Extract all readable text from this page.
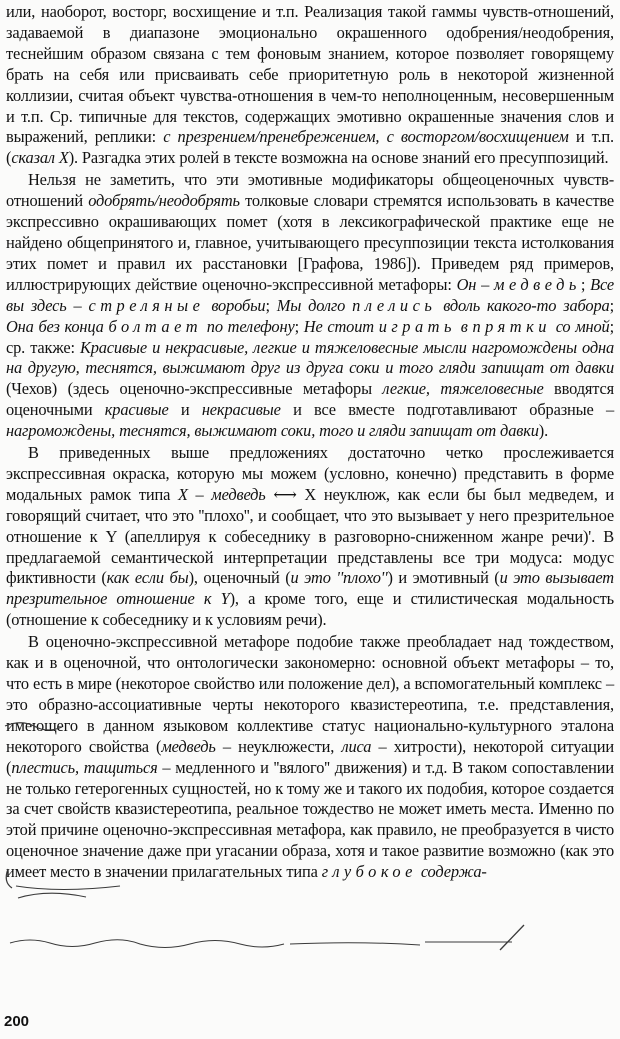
или, наоборот, восторг, восхищение и т.п. Реализация такой гаммы чувств-отношений, задаваемой в диапазоне эмоционально окрашенного одобрения/неодобрения, теснейшим образом связана с тем фоновым знанием, которое позволяет говорящему брать на себя или присваивать себе приоритетную роль в некоторой жизненной коллизии, считая объект чувства-отношения в чем-то неполноценным, несовершенным и т.п. Ср. типичные для текстов, содержащих эмотивно окрашенные значения слов и выражений, реплики: с презрением/пренебрежением, с восторгом/восхищением и т.п. (сказал X). Разгадка этих ролей в тексте возможна на основе знаний его пресуппозиций.

Нельзя не заметить, что эти эмотивные модификаторы общеоценочных чувств-отношений одобрять/неодобрять толковые словари стремятся использовать в качестве экспрессивно окрашивающих помет (хотя в лексикографической практике еще не найдено общепринятого и, главное, учитывающего пресуппозиции текста истолкования этих помет и правил их расстановки [Графова, 1986]). Приведем ряд примеров, иллюстрирующих действие оценочно-экспрессивной метафоры: Он – медведь; Все вы здесь – стреляные воробьи; Мы долго плелись вдоль какого-то забора; Она без конца болтает по телефону; Не стоит играть в прятки со мной; ср. также: Красивые и некрасивые, легкие и тяжеловесные мысли нагромождены одна на другую, теснятся, выжимают друг из друга соки и того гляди запищат от давки (Чехов) (здесь оценочно-экспрессивные метафоры легкие, тяжеловесные вводятся оценочными красивые и некрасивые и все вместе подготавливают образные – нагромождены, теснятся, выжимают соки, того и гляди запищат от давки).

В приведенных выше предложениях достаточно четко прослеживается экспрессивная окраска, которую мы можем (условно, конечно) представить в форме модальных рамок типа X – медведь ⟷ X неуклюж, как если бы был медведем, и говорящий считает, что это ''плохо'', и сообщает, что это вызывает у него презрительное отношение к Y (апеллируя к собеседнику в разговорно-сниженном жанре речи)'. В предлагаемой семантической интерпретации представлены все три модуса: модус фиктивности (как если бы), оценочный (и это ''плохо'') и эмотивный (и это вызывает презрительное отношение к Y), а кроме того, еще и стилистическая модальность (отношение к собеседнику и к условиям речи).

В оценочно-экспрессивной метафоре подобие также преобладает над тождеством, как и в оценочной, что онтологически закономерно: основной объект метафоры – то, что есть в мире (некоторое свойство или положение дел), а вспомогательный комплекс – это образно-ассоциативные черты некоторого квазистереотипа, т.е. представления, имеющего в данном языковом коллективе статус национально-культурного эталона некоторого свойства (медведь – неуклюжести, лиса – хитрости), некоторой ситуации (плестись, тащиться – медленного и ''вялого'' движения) и т.д. В таком сопоставлении не только гетерогенных сущностей, но к тому же и такого их подобия, которое создается за счет свойств квазистереотипа, реальное тождество не может иметь места. Именно по этой причине оценочно-экспрессивная метафора, как правило, не преобразуется в чисто оценочное значение даже при угасании образа, хотя и такое развитие возможно (как это имеет место в значении прилагательных типа глубокое содержа-

200
